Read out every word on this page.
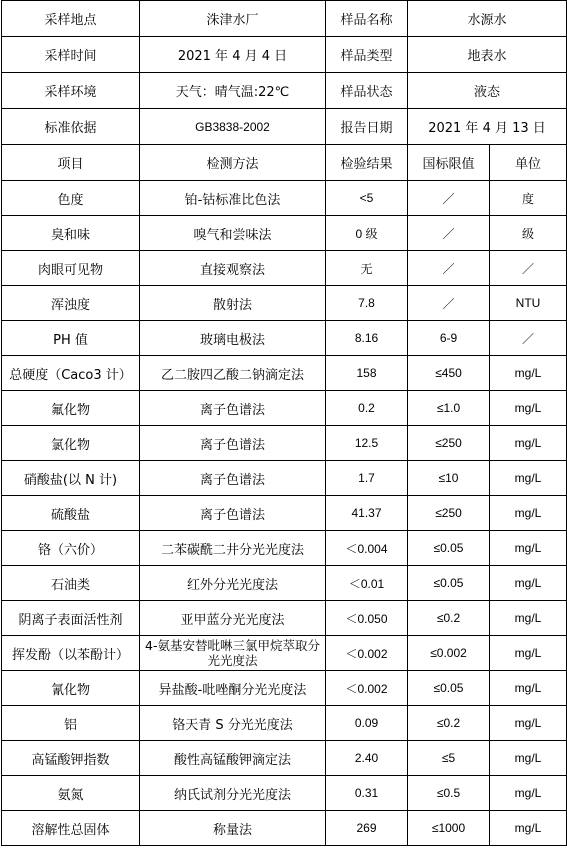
采样地点	洙津水厂	样品名称	水源水	
采样时间	2021 年 4 月 4 日	样品类型	地表水	
采样环境	天气：晴气温:22℃	样品状态	液态	
标准依据	GB3838-2002	报告日期	2021 年 4 月 13 日	
项目	检测方法	检验结果	国标限值	单位
色度	铂-钴标准比色法	<5	／	度
臭和味	嗅气和尝味法	0 级	／	级
肉眼可见物	直接观察法	无	／	／
浑浊度	散射法	7.8	／	NTU
PH 值	玻璃电极法	8.16	6-9	／
总硬度（Caco3 计）	乙二胺四乙酸二钠滴定法	158	≤450	mg/L
氟化物	离子色谱法	0.2	≤1.0	mg/L
氯化物	离子色谱法	12.5	≤250	mg/L
硝酸盐(以 N 计)	离子色谱法	1.7	≤10	mg/L
硫酸盐	离子色谱法	41.37	≤250	mg/L
铬（六价）	二苯碳酰二井分光光度法	＜0.004	≤0.05	mg/L
石油类	红外分光光度法	＜0.01	≤0.05	mg/L
阴离子表面活性剂	亚甲蓝分光光度法	＜0.050	≤0.2	mg/L
挥发酚（以苯酚计）	4-氨基安替吡啉三氯甲烷萃取分光光度法	＜0.002	≤0.002	mg/L
氰化物	异盐酸-吡唑酮分光光度法	＜0.002	≤0.05	mg/L
铝	铬天青 S 分光光度法	0.09	≤0.2	mg/L
高锰酸钾指数	酸性高锰酸钾滴定法	2.40	≤5	mg/L
氨氮	纳氏试剂分光光度法	0.31	≤0.5	mg/L
溶解性总固体	称量法	269	≤1000	mg/L
